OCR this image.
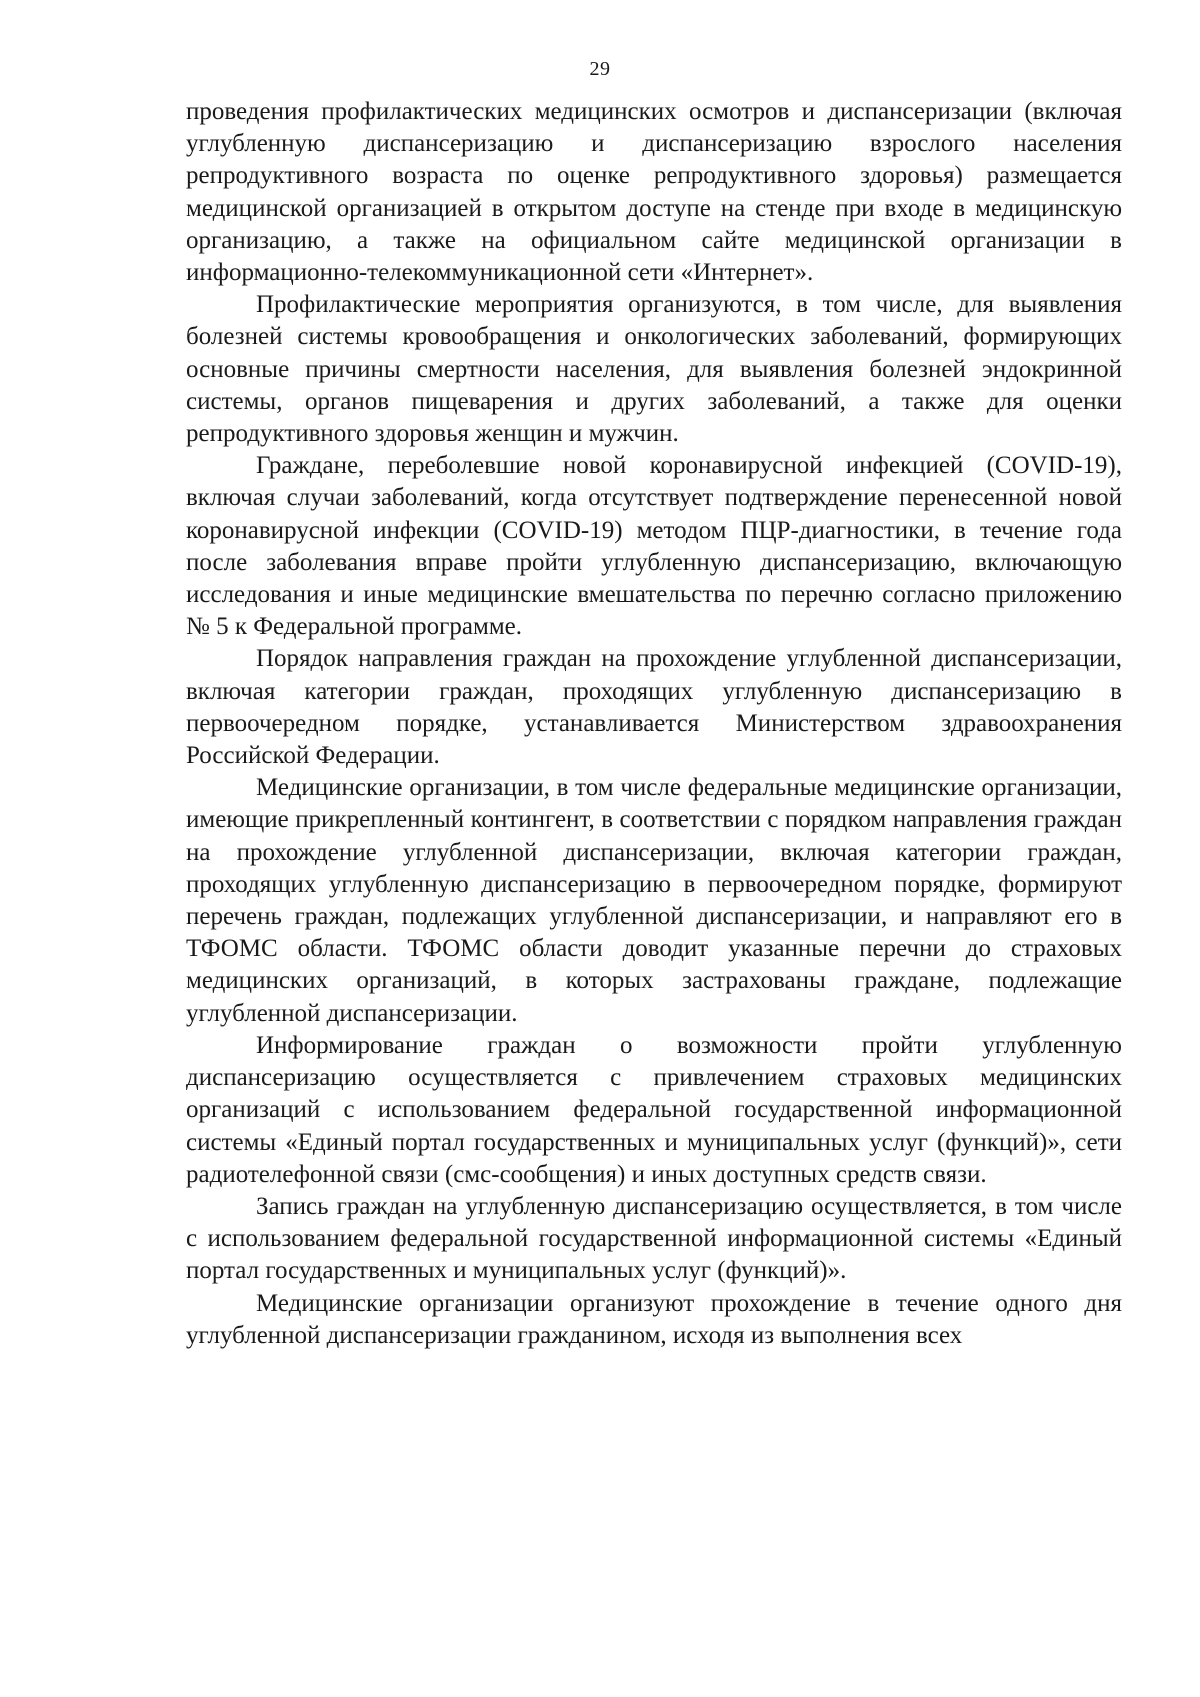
29

проведения профилактических медицинских осмотров и диспансеризации (включая углубленную диспансеризацию и диспансеризацию взрослого населения репродуктивного возраста по оценке репродуктивного здоровья) размещается медицинской организацией в открытом доступе на стенде при входе в медицинскую организацию, а также на официальном сайте медицинской организации в информационно-телекоммуникационной сети «Интернет».

Профилактические мероприятия организуются, в том числе, для выявления болезней системы кровообращения и онкологических заболеваний, формирующих основные причины смертности населения, для выявления болезней эндокринной системы, органов пищеварения и других заболеваний, а также для оценки репродуктивного здоровья женщин и мужчин.

Граждане, переболевшие новой коронавирусной инфекцией (COVID-19), включая случаи заболеваний, когда отсутствует подтверждение перенесенной новой коронавирусной инфекции (COVID-19) методом ПЦР-диагностики, в течение года после заболевания вправе пройти углубленную диспансеризацию, включающую исследования и иные медицинские вмешательства по перечню согласно приложению № 5 к Федеральной программе.

Порядок направления граждан на прохождение углубленной диспансеризации, включая категории граждан, проходящих углубленную диспансеризацию в первоочередном порядке, устанавливается Министерством здравоохранения Российской Федерации.

Медицинские организации, в том числе федеральные медицинские организации, имеющие прикрепленный контингент, в соответствии с порядком направления граждан на прохождение углубленной диспансеризации, включая категории граждан, проходящих углубленную диспансеризацию в первоочередном порядке, формируют перечень граждан, подлежащих углубленной диспансеризации, и направляют его в ТФОМС области. ТФОМС области доводит указанные перечни до страховых медицинских организаций, в которых застрахованы граждане, подлежащие углубленной диспансеризации.

Информирование граждан о возможности пройти углубленную диспансеризацию осуществляется с привлечением страховых медицинских организаций с использованием федеральной государственной информационной системы «Единый портал государственных и муниципальных услуг (функций)», сети радиотелефонной связи (смс-сообщения) и иных доступных средств связи.

Запись граждан на углубленную диспансеризацию осуществляется, в том числе с использованием федеральной государственной информационной системы «Единый портал государственных и муниципальных услуг (функций)».

Медицинские организации организуют прохождение в течение одного дня углубленной диспансеризации гражданином, исходя из выполнения всех
